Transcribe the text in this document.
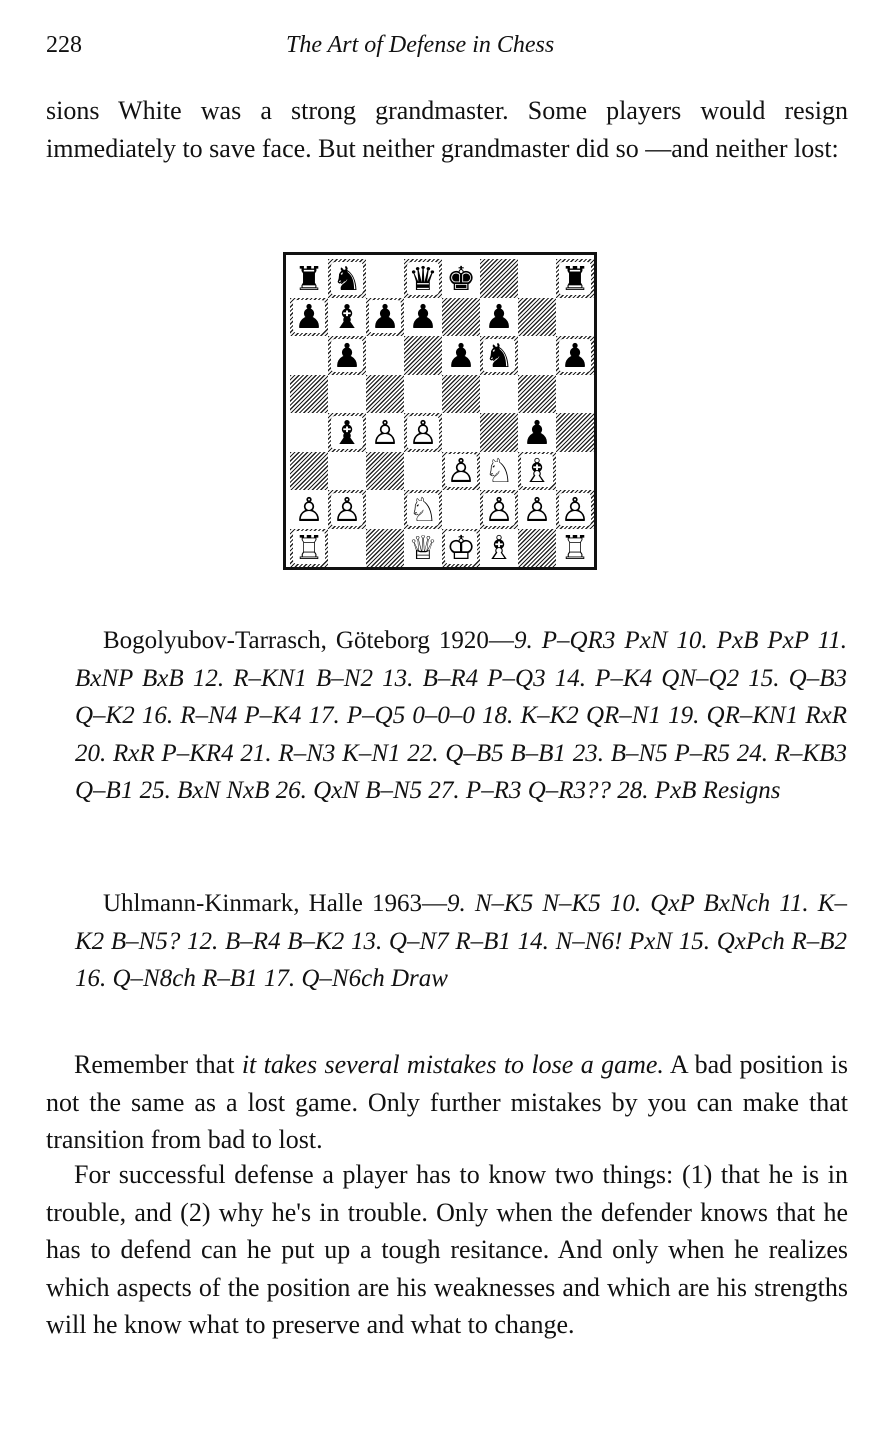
228	The Art of Defense in Chess

sions White was a strong grandmaster. Some players would resign immediately to save face. But neither grandmaster did so —and neither lost:

♜ ♞ ♛ ♚	♜
♟ ♝ ♟ ♟ ♟
♟	♟ ♞ ♟
♝ ♙ ♙	♟
♙ ♘ ♗
♙ ♙ ♘ ♙ ♙ ♙
♖	♕ ♔ ♗ ♖

Bogolyubov-Tarrasch, Göteborg 1920—9. P–QR3 PxN 10. PxB PxP 11. BxNP BxB 12. R–KN1 B–N2 13. B–R4 P–Q3 14. P–K4 QN–Q2 15. Q–B3 Q–K2 16. R–N4 P–K4 17. P–Q5 0–0–0 18. K–K2 QR–N1 19. QR–KN1 RxR 20. RxR P–KR4 21. R–N3 K–N1 22. Q–B5 B–B1 23. B–N5 P–R5 24. R–KB3 Q–B1 25. BxN NxB 26. QxN B–N5 27. P–R3 Q–R3?? 28. PxB Resigns

Uhlmann-Kinmark, Halle 1963—9. N–K5 N–K5 10. QxP BxNch 11. K–K2 B–N5? 12. B–R4 B–K2 13. Q–N7 R–B1 14. N–N6! PxN 15. QxPch R–B2 16. Q–N8ch R–B1 17. Q–N6ch Draw

Remember that it takes several mistakes to lose a game. A bad position is not the same as a lost game. Only further mistakes by you can make that transition from bad to lost.

For successful defense a player has to know two things: (1) that he is in trouble, and (2) why he's in trouble. Only when the defender knows that he has to defend can he put up a tough resitance. And only when he realizes which aspects of the position are his weaknesses and which are his strengths will he know what to preserve and what to change.
